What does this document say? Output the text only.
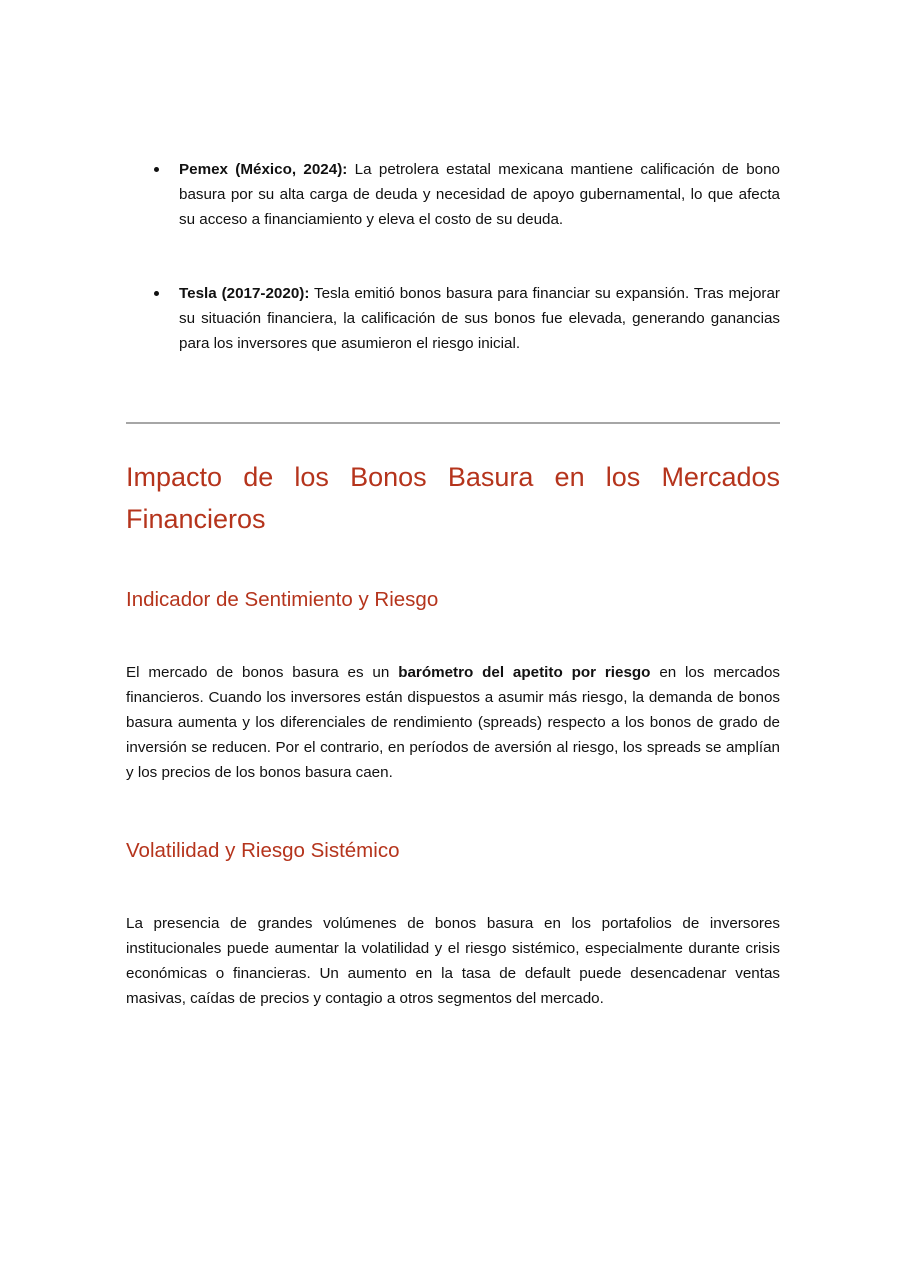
Pemex (México, 2024): La petrolera estatal mexicana mantiene calificación de bono basura por su alta carga de deuda y necesidad de apoyo gubernamental, lo que afecta su acceso a financiamiento y eleva el costo de su deuda.
Tesla (2017-2020): Tesla emitió bonos basura para financiar su expansión. Tras mejorar su situación financiera, la calificación de sus bonos fue elevada, generando ganancias para los inversores que asumieron el riesgo inicial.
Impacto de los Bonos Basura en los Mercados Financieros
Indicador de Sentimiento y Riesgo

El mercado de bonos basura es un barómetro del apetito por riesgo en los mercados financieros. Cuando los inversores están dispuestos a asumir más riesgo, la demanda de bonos basura aumenta y los diferenciales de rendimiento (spreads) respecto a los bonos de grado de inversión se reducen. Por el contrario, en períodos de aversión al riesgo, los spreads se amplían y los precios de los bonos basura caen.

Volatilidad y Riesgo Sistémico

La presencia de grandes volúmenes de bonos basura en los portafolios de inversores institucionales puede aumentar la volatilidad y el riesgo sistémico, especialmente durante crisis económicas o financieras. Un aumento en la tasa de default puede desencadenar ventas masivas, caídas de precios y contagio a otros segmentos del mercado.
